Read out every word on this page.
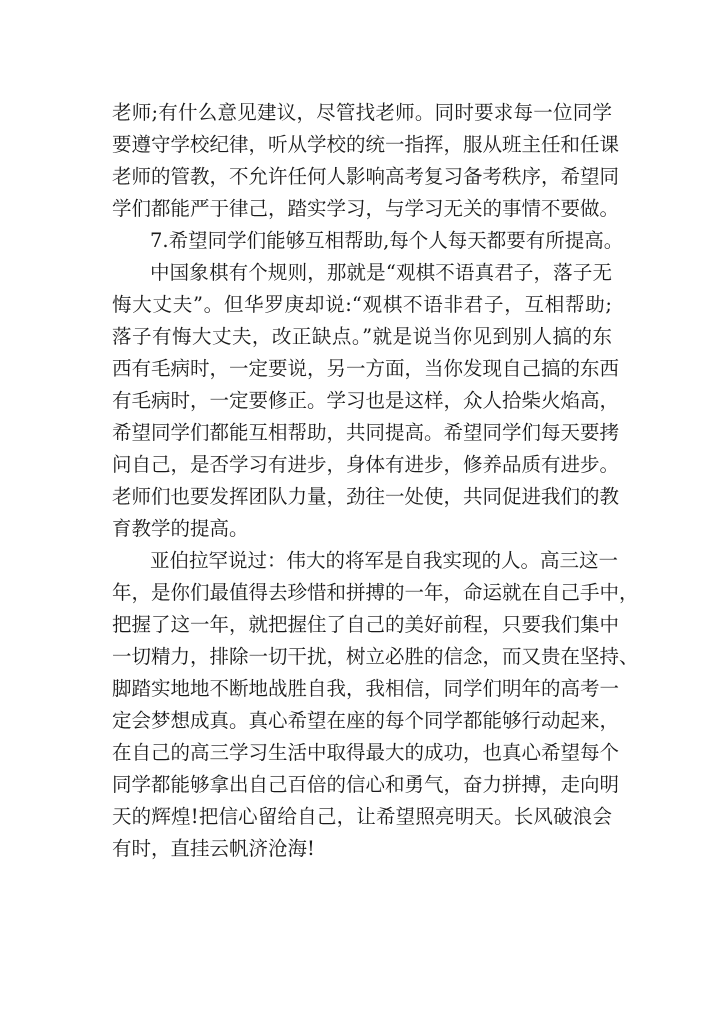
老师;有什么意见建议，尽管找老师。同时要求每一位同学
要遵守学校纪律，听从学校的统一指挥，服从班主任和任课
老师的管教，不允许任何人影响高考复习备考秩序，希望同
学们都能严于律己，踏实学习，与学习无关的事情不要做。
7.希望同学们能够互相帮助,每个人每天都要有所提高。
中国象棋有个规则，那就是“观棋不语真君子，落子无
悔大丈夫”。但华罗庚却说:“观棋不语非君子，互相帮助;
落子有悔大丈夫，改正缺点。”就是说当你见到别人搞的东
西有毛病时，一定要说，另一方面，当你发现自己搞的东西
有毛病时，一定要修正。学习也是这样，众人拾柴火焰高，
希望同学们都能互相帮助，共同提高。希望同学们每天要拷
问自己，是否学习有进步，身体有进步，修养品质有进步。
老师们也要发挥团队力量，劲往一处使，共同促进我们的教
育教学的提高。
亚伯拉罕说过：伟大的将军是自我实现的人。高三这一
年，是你们最值得去珍惜和拼搏的一年，命运就在自己手中，
把握了这一年，就把握住了自己的美好前程，只要我们集中
一切精力，排除一切干扰，树立必胜的信念，而又贵在坚持、
脚踏实地地不断地战胜自我，我相信，同学们明年的高考一
定会梦想成真。真心希望在座的每个同学都能够行动起来，
在自己的高三学习生活中取得最大的成功，也真心希望每个
同学都能够拿出自己百倍的信心和勇气，奋力拼搏，走向明
天的辉煌!把信心留给自己，让希望照亮明天。长风破浪会
有时，直挂云帆济沧海!
